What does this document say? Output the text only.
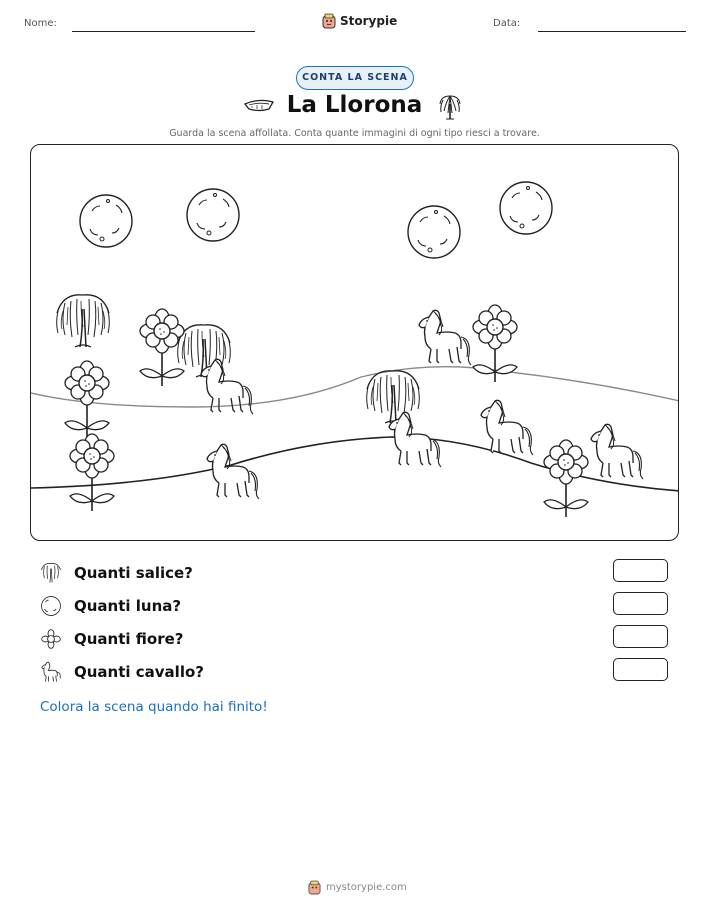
Nome:	Storypie	Data:
CONTA LA SCENA
La Llorona
Guarda la scena affollata. Conta quante immagini di ogni tipo riesci a trovare.
Quanti salice?
Quanti luna?
Quanti fiore?
Quanti cavallo?
Colora la scena quando hai finito!
mystorypie.com
